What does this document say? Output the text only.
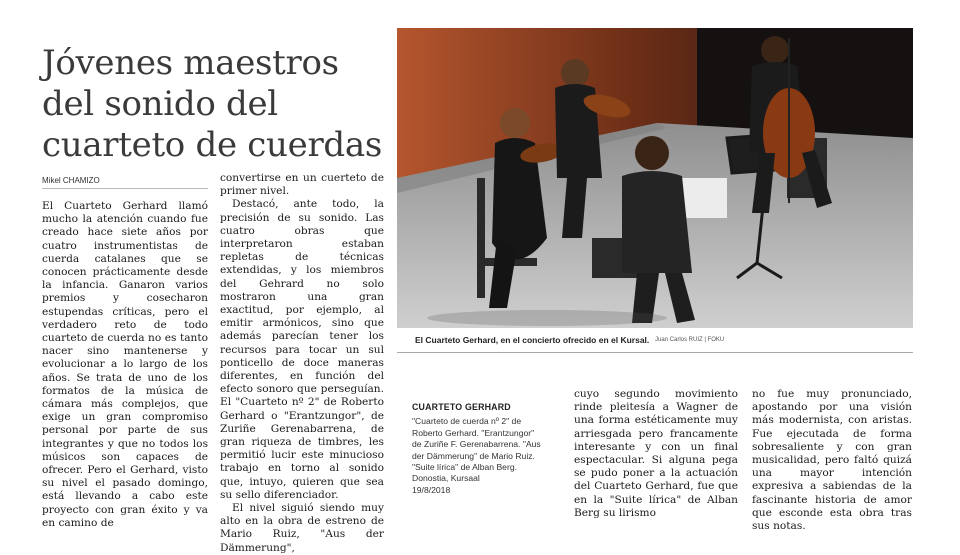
Jóvenes maestros del sonido del cuarteto de cuerdas
Mikel CHAMIZO

El Cuarteto Gerhard llamó mucho la atención cuando fue creado hace siete años por cuatro instrumentistas de cuerda catalanes que se conocen prácticamente desde la infancia. Ganaron varios premios y cosecharon estupendas críticas, pero el verdadero reto de todo cuarteto de cuerda no es tanto nacer sino mantenerse y evolucionar a lo largo de los años. Se trata de uno de los formatos de la música de cámara más complejos, que exige un gran compromiso personal por parte de sus integrantes y que no todos los músicos son capaces de ofrecer. Pero el Gerhard, visto su nivel el pasado domingo, está llevando a cabo este proyecto con gran éxito y va en camino de

convertirse en un cuerteto de primer nivel.

Destacó, ante todo, la precisión de su sonido. Las cuatro obras que interpretaron estaban repletas de técnicas extendidas, y los miembros del Gehrard no solo mostraron una gran exactitud, por ejemplo, al emitir armónicos, sino que además parecían tener los recursos para tocar un sul ponticello de doce maneras diferentes, en función del efecto sonoro que perseguían. El "Cuarteto nº 2" de Roberto Gerhard o "Erantzungor", de Zuriñe Gerenabarrena, de gran riqueza de timbres, les permitió lucir este minucioso trabajo en torno al sonido que, intuyo, quieren que sea su sello diferenciador.

El nivel siguió siendo muy alto en la obra de estreno de Mario Ruiz, "Aus der Dämmerung",

El Cuarteto Gerhard, en el concierto ofrecido en el Kursal. Juan Carlos RUIZ | FOKU
CUARTETO GERHARD
"Cuarteto de cuerda nº 2" de
Roberto Gerhard. "Erantzungor"
de Zuriñe F. Gerenabarrena. "Aus
der Dämmerung" de Mario Ruiz.
"Suite lírica" de Alban Berg.
Donostia, Kursaal
19/8/2018

cuyo segundo movimiento rinde pleitesía a Wagner de una forma estéticamente muy arriesgada pero francamente interesante y con un final espectacular. Si alguna pega se pudo poner a la actuación del Cuarteto Gerhard, fue que en la "Suite lírica" de Alban Berg su lirismo

no fue muy pronunciado, apostando por una visión más modernista, con aristas. Fue ejecutada de forma sobresaliente y con gran musicalidad, pero faltó quizá una mayor intención expresiva a sabiendas de la fascinante historia de amor que esconde esta obra tras sus notas.
